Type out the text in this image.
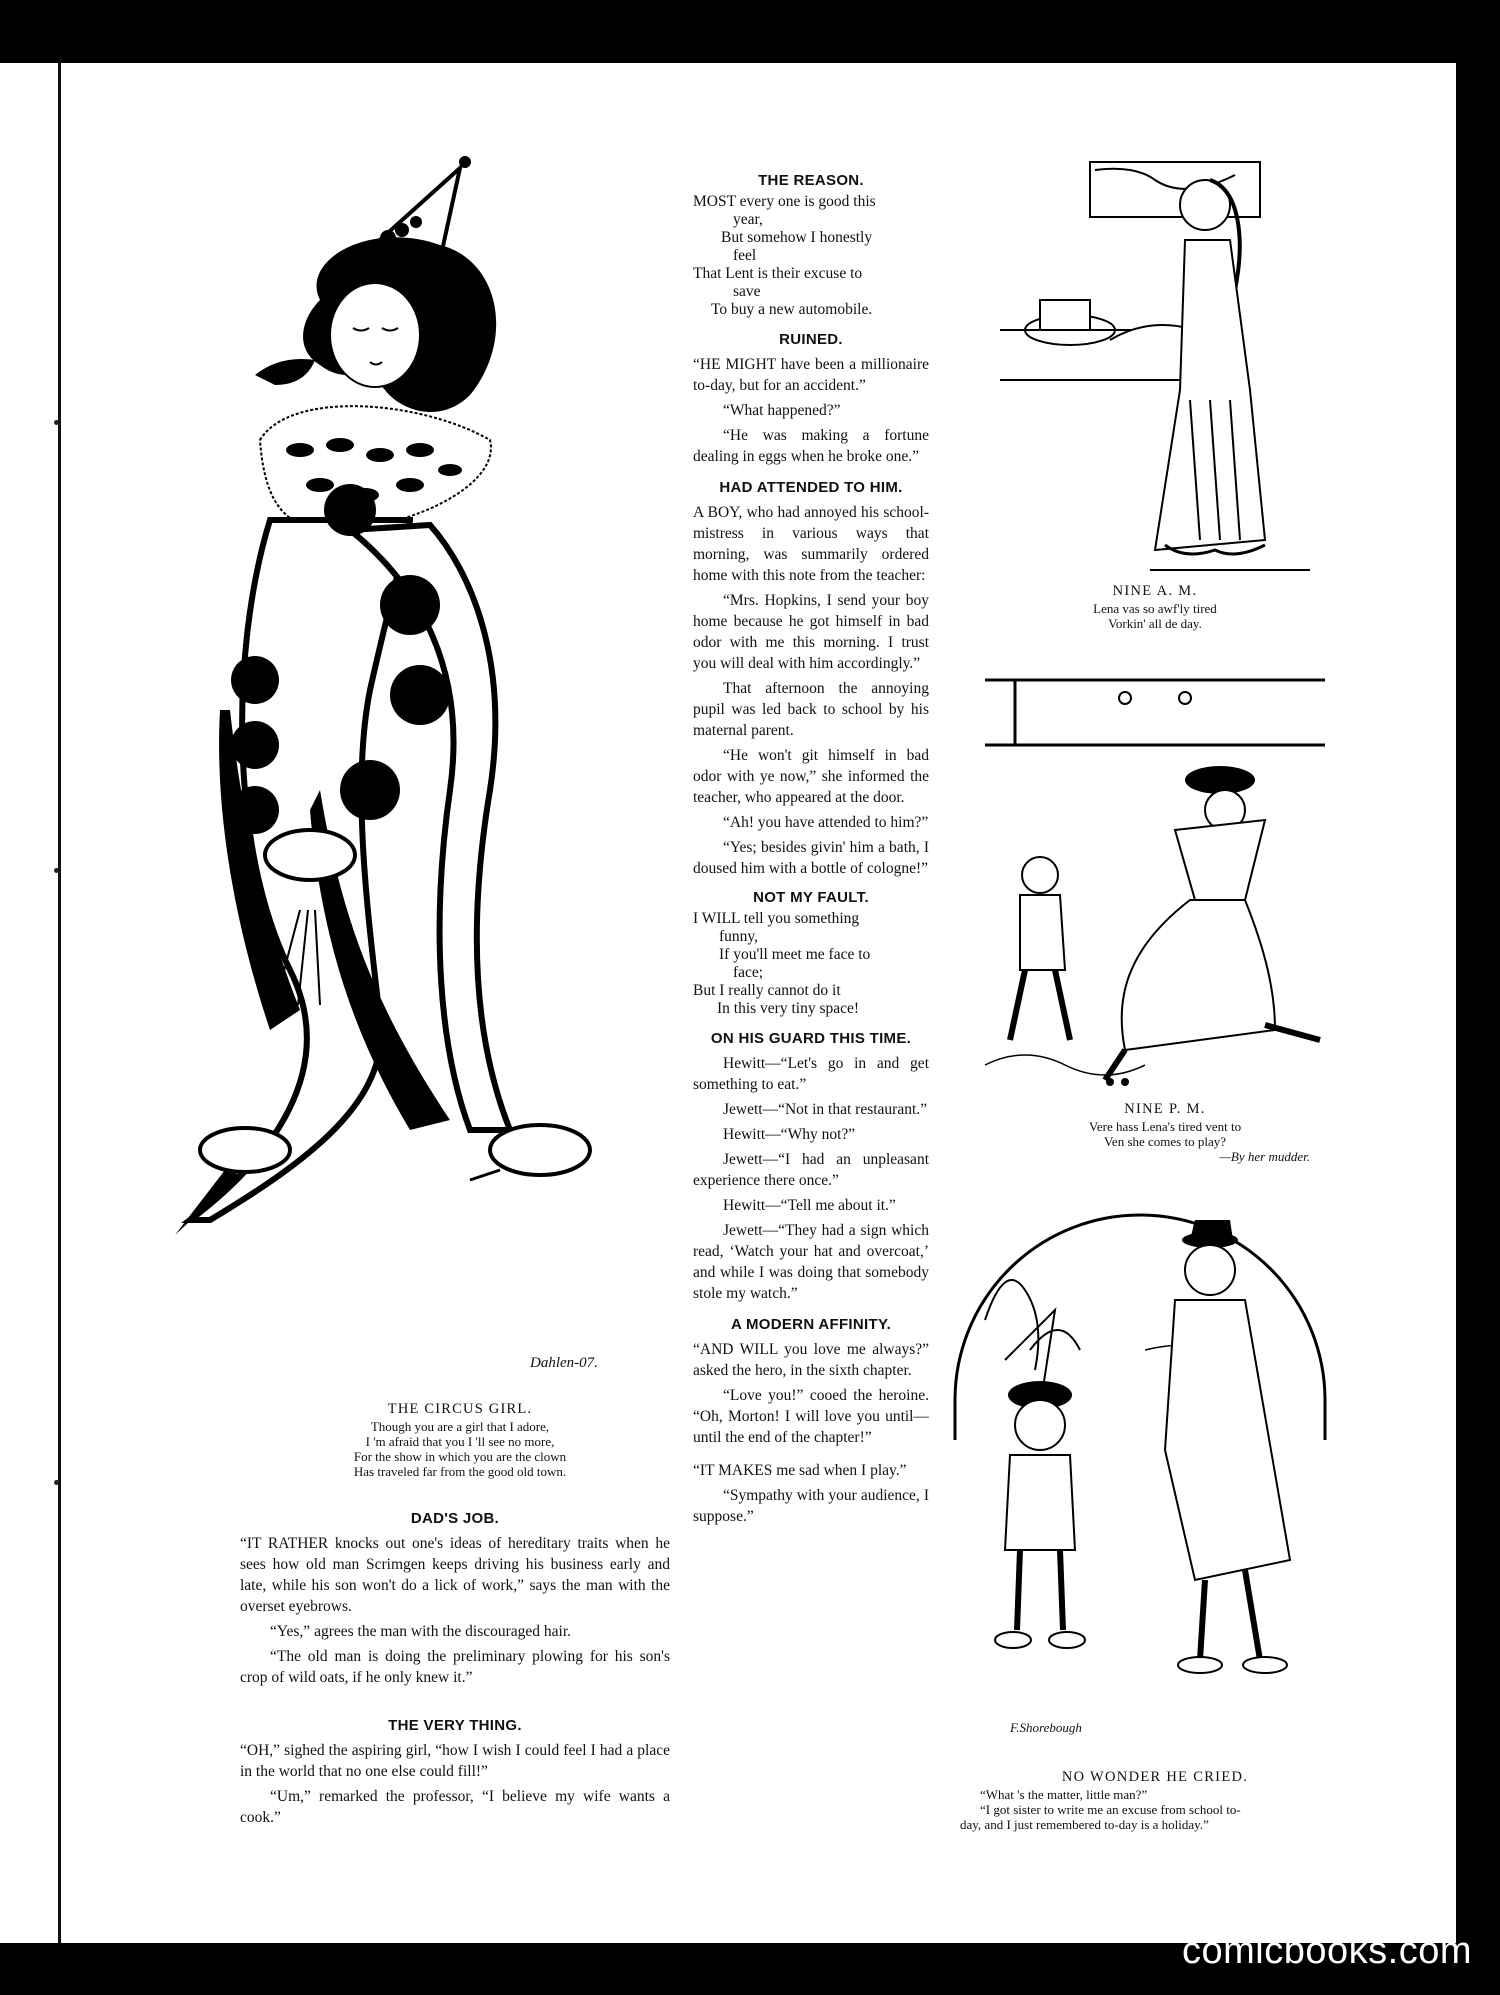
Dahlen-07.
THE CIRCUS GIRL.
Though you are a girl that I adore,
I 'm afraid that you I 'll see no more,
For the show in which you are the clown
Has traveled far from the good old town.
DAD'S JOB.

“IT RATHER knocks out one's ideas of hereditary traits when he sees how old man Scrimgen keeps driving his business early and late, while his son won't do a lick of work,” says the man with the overset eyebrows.

“Yes,” agrees the man with the discouraged hair.

“The old man is doing the preliminary plowing for his son's crop of wild oats, if he only knew it.”

THE VERY THING.

“OH,” sighed the aspiring girl, “how I wish I could feel I had a place in the world that no one else could fill!”

“Um,” remarked the professor, “I believe my wife wants a cook.”

THE REASON.
MOST every one is good this
year,
But somehow I honestly
feel
That Lent is their excuse to
save
To buy a new automobile.
RUINED.

“HE MIGHT have been a millionaire to-day, but for an accident.”

“What happened?”

“He was making a fortune dealing in eggs when he broke one.”

HAD ATTENDED TO HIM.

A BOY, who had annoyed his school-mistress in various ways that morning, was summarily ordered home with this note from the teacher:

“Mrs. Hopkins, I send your boy home because he got himself in bad odor with me this morning. I trust you will deal with him accordingly.”

That afternoon the annoying pupil was led back to school by his maternal parent.

“He won't git himself in bad odor with ye now,” she informed the teacher, who appeared at the door.

“Ah! you have attended to him?”

“Yes; besides givin' him a bath, I doused him with a bottle of cologne!”

NOT MY FAULT.
I WILL tell you something
funny,
If you'll meet me face to
face;
But I really cannot do it
In this very tiny space!
ON HIS GUARD THIS TIME.

Hewitt—“Let's go in and get something to eat.”

Jewett—“Not in that restaurant.”

Hewitt—“Why not?”

Jewett—“I had an unpleasant experience there once.”

Hewitt—“Tell me about it.”

Jewett—“They had a sign which read, ‘Watch your hat and overcoat,’ and while I was doing that somebody stole my watch.”

A MODERN AFFINITY.

“AND WILL you love me always?” asked the hero, in the sixth chapter.

“Love you!” cooed the heroine. “Oh, Morton! I will love you until—until the end of the chapter!”

“IT MAKES me sad when I play.”

“Sympathy with your audience, I suppose.”

NINE A. M.
Lena vas so awf'ly tired
Vorkin' all de day.
NINE P. M.
Vere hass Lena's tired vent to
Ven she comes to play?
—By her mudder.
F.Shorebough
NO WONDER HE CRIED.
“What 's the matter, little man?”
“I got sister to write me an excuse from school to-
day, and I just remembered to-day is a holiday.”
comicbooks.com
